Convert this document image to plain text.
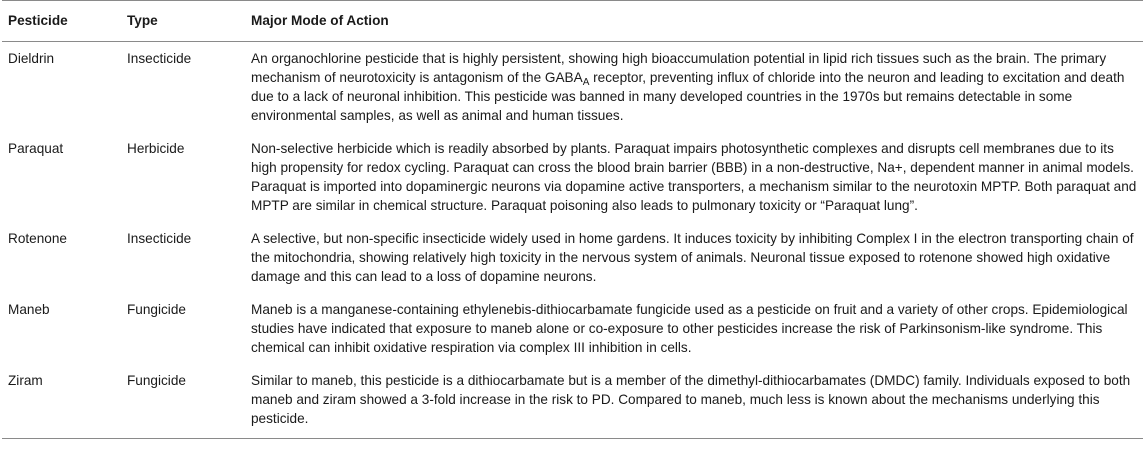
Pesticide	Type	Major Mode of Action
Dieldrin	Insecticide	An organochlorine pesticide that is highly persistent, showing high bioaccumulation potential in lipid rich tissues such as the brain. The primary mechanism of neurotoxicity is antagonism of the $GABA_A$ receptor, preventing influx of chloride into the neuron and leading to excitation and death due to a lack of neuronal inhibition. This pesticide was banned in many developed countries in the 1970s but remains detectable in some environmental samples, as well as animal and human tissues.
Paraquat	Herbicide	Non-selective herbicide which is readily absorbed by plants. Paraquat impairs photosynthetic complexes and disrupts cell membranes due to its high propensity for redox cycling. Paraquat can cross the blood brain barrier (BBB) in a non-destructive, Na+, dependent manner in animal models. Paraquat is imported into dopaminergic neurons via dopamine active transporters, a mechanism similar to the neurotoxin MPTP. Both paraquat and MPTP are similar in chemical structure. Paraquat poisoning also leads to pulmonary toxicity or “Paraquat lung”.
Rotenone	Insecticide	A selective, but non-specific insecticide widely used in home gardens. It induces toxicity by inhibiting Complex I in the electron transporting chain of the mitochondria, showing relatively high toxicity in the nervous system of animals. Neuronal tissue exposed to rotenone showed high oxidative damage and this can lead to a loss of dopamine neurons.
Maneb	Fungicide	Maneb is a manganese-containing ethylenebis-dithiocarbamate fungicide used as a pesticide on fruit and a variety of other crops. Epidemiological studies have indicated that exposure to maneb alone or co-exposure to other pesticides increase the risk of Parkinsonism-like syndrome. This chemical can inhibit oxidative respiration via complex III inhibition in cells.
Ziram	Fungicide	Similar to maneb, this pesticide is a dithiocarbamate but is a member of the dimethyl-dithiocarbamates (DMDC) family. Individuals exposed to both maneb and ziram showed a 3-fold increase in the risk to PD. Compared to maneb, much less is known about the mechanisms underlying this pesticide.
